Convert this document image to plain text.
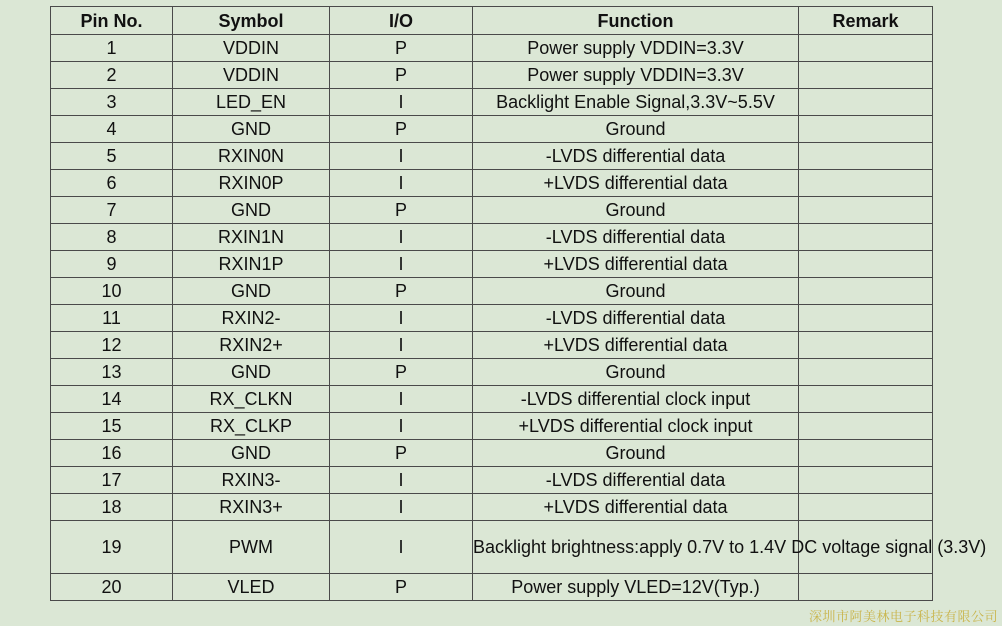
Pin No.	Symbol	I/O	Function	Remark
1	VDDIN	P	Power supply VDDIN=3.3V	
2	VDDIN	P	Power supply VDDIN=3.3V	
3	LED_EN	I	Backlight Enable Signal,3.3V~5.5V	
4	GND	P	Ground	
5	RXIN0N	I	-LVDS differential data	
6	RXIN0P	I	+LVDS differential data	
7	GND	P	Ground	
8	RXIN1N	I	-LVDS differential data	
9	RXIN1P	I	+LVDS differential data	
10	GND	P	Ground	
11	RXIN2-	I	-LVDS differential data	
12	RXIN2+	I	+LVDS differential data	
13	GND	P	Ground	
14	RX_CLKN	I	-LVDS differential clock input	
15	RX_CLKP	I	+LVDS differential clock input	
16	GND	P	Ground	
17	RXIN3-	I	-LVDS differential data	
18	RXIN3+	I	+LVDS differential data	
19	PWM	I	Backlight brightness:apply 0.7V to 1.4V DC voltage signal (3.3V)	
20	VLED	P	Power supply VLED=12V(Typ.)	
深圳市阿美林电子科技有限公司
